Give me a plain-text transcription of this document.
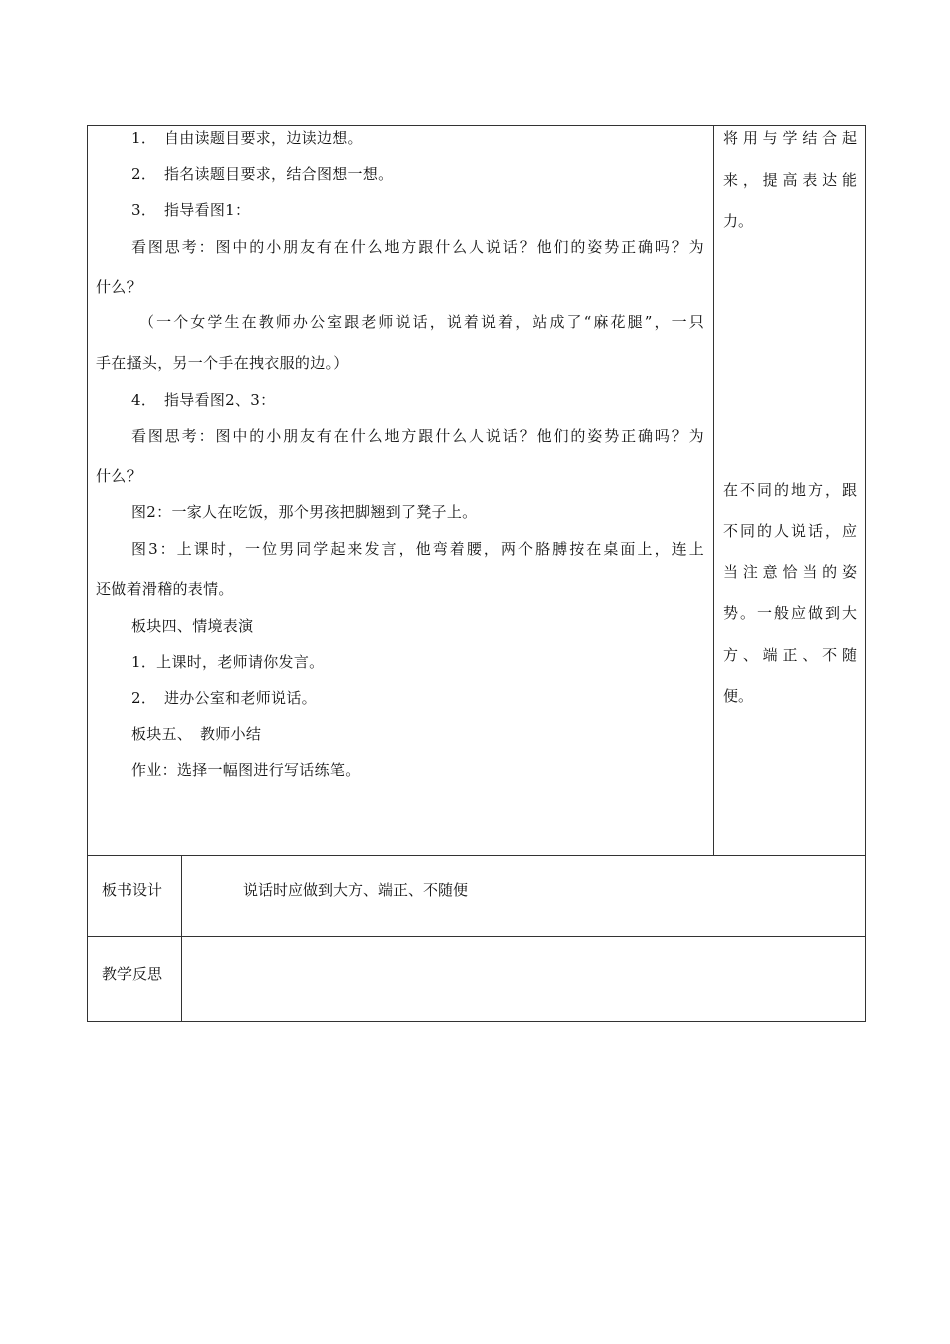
1．　自由读题目要求，边读边想。
2．　指名读题目要求，结合图想一想。
3．　指导看图1：
看图思考：图中的小朋友有在什么地方跟什么人说话？他们的姿势正确吗？为
什么？
（一个女学生在教师办公室跟老师说话，说着说着，站成了“麻花腿”，一只
手在搔头，另一个手在拽衣服的边。）
4．　指导看图2、3：
看图思考：图中的小朋友有在什么地方跟什么人说话？他们的姿势正确吗？为
什么？
图2：一家人在吃饭，那个男孩把脚翘到了凳子上。
图3：上课时，一位男同学起来发言，他弯着腰，两个胳膊按在桌面上，连上
还做着滑稽的表情。
板块四、情境表演
1．上课时，老师请你发言。
2．　进办公室和老师说话。
板块五、　教师小结
作业：选择一幅图进行写话练笔。
将用与学结合起
来，提高表达能
力。
在不同的地方，跟
不同的人说话，应
当注意恰当的姿
势。一般应做到大
方、端正、不随
便。
板书设计	说话时应做到大方、端正、不随便
教学反思
